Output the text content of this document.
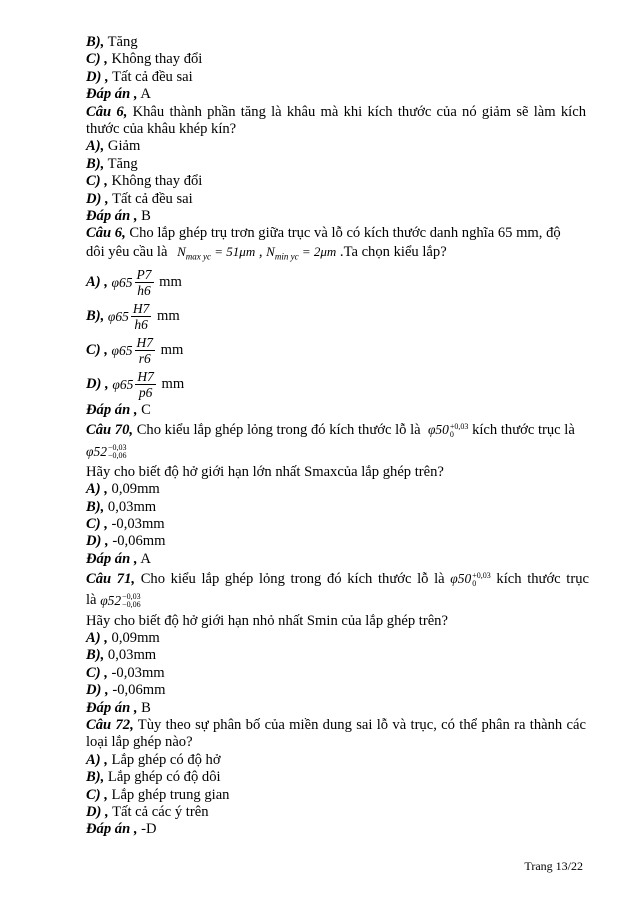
B), Tăng
C) , Không thay đổi
D) , Tất cả đều sai
Đáp án , A
Câu 6, Khâu thành phần tăng là khâu mà khi kích thước của nó giảm sẽ làm kích thước của khâu khép kín?
A), Giảm
B), Tăng
C) , Không thay đổi
D) , Tất cả đều sai
Đáp án , B
Câu 6, Cho lắp ghép trụ trơn giữa trục và lỗ có kích thước danh nghĩa 65 mm, độ
dôi yêu cầu là $N_{max yc} = 51\mu m$ , $N_{min yc} = 2\mu m$ .Ta chọn kiểu lắp?
A) ,
$\varphi 65 \frac{P7}{h6}$
mm
B),
$\varphi 65 \frac{H7}{h6}$
mm
C) ,
$\varphi 65 \frac{H7}{r6}$
mm
D) ,
$\varphi 65 \frac{H7}{p6}$
mm
Đáp án , C
Câu 70, Cho kiểu lắp ghép lỏng trong đó kích thước lỗ là φ50 +0,03
0 kích thước trục là
φ52 −0,03
−0,06
Hãy cho biết độ hở giới hạn lớn nhất Smaxcủa lắp ghép trên?
A) , 0,09mm
B), 0,03mm
C) , -0,03mm
D) , -0,06mm
Đáp án , A
Câu 71, Cho kiểu lắp ghép lỏng trong đó kích thước lỗ là φ50 +0,03
0 kích thước trục
là
φ52 −0,03
−0,06
Hãy cho biết độ hở giới hạn nhỏ nhất Smin của lắp ghép trên?
A) , 0,09mm
B), 0,03mm
C) , -0,03mm
D) , -0,06mm
Đáp án , B
Câu 72, Tùy theo sự phân bố của miền dung sai lỗ và trục, có thể phân ra thành các loại lắp ghép nào?
A) , Lắp ghép có độ hở
B), Lắp ghép có độ dôi
C) , Lắp ghép trung gian
D) , Tất cả các ý trên
Đáp án , -D
Trang 13/22
